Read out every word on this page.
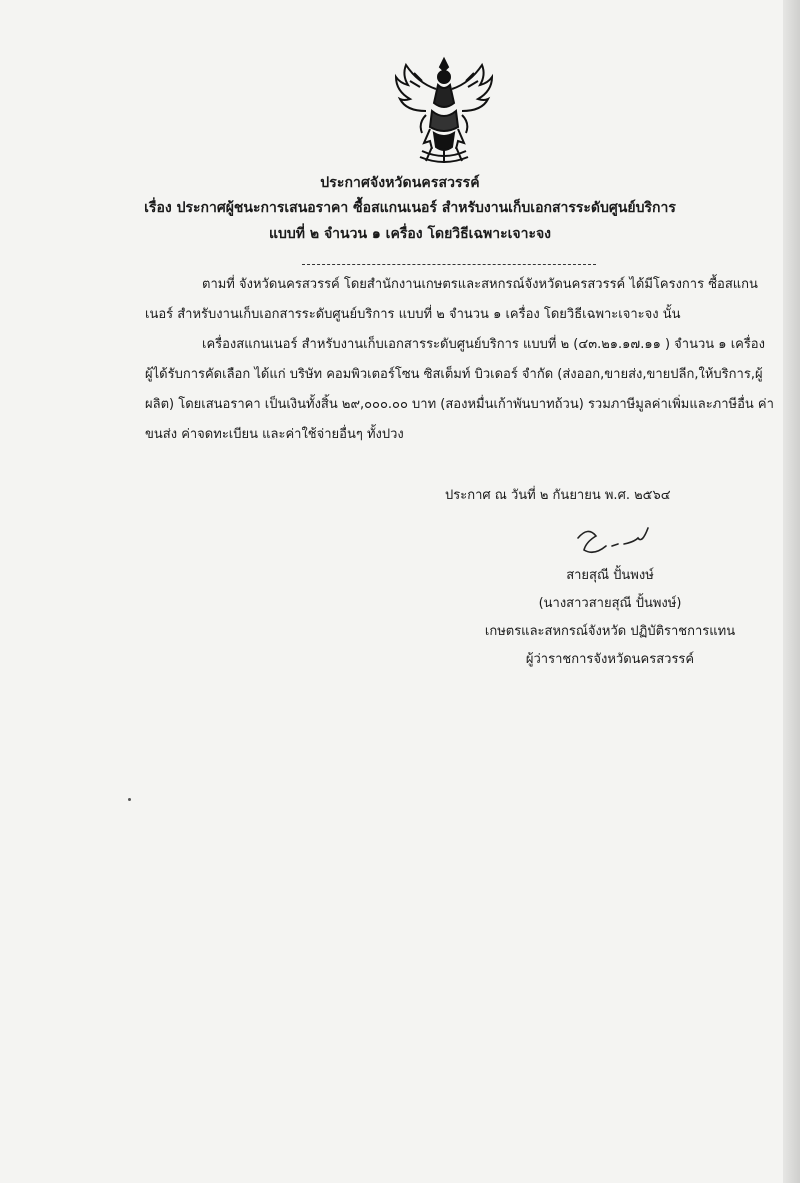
ประกาศจังหวัดนครสวรรค์
เรื่อง ประกาศผู้ชนะการเสนอราคา ซื้อสแกนเนอร์ สำหรับงานเก็บเอกสารระดับศูนย์บริการ แบบที่ ๒ จำนวน ๑ เครื่อง โดยวิธีเฉพาะเจาะจง
ตามที่ จังหวัดนครสวรรค์ โดยสำนักงานเกษตรและสหกรณ์จังหวัดนครสวรรค์ ได้มีโครงการ ซื้อสแกนเนอร์ สำหรับงานเก็บเอกสารระดับศูนย์บริการ แบบที่ ๒ จำนวน ๑ เครื่อง โดยวิธีเฉพาะเจาะจง นั้น
เครื่องสแกนเนอร์ สำหรับงานเก็บเอกสารระดับศูนย์บริการ แบบที่ ๒ (๔๓.๒๑.๑๗.๑๑ ) จำนวน ๑ เครื่อง ผู้ได้รับการคัดเลือก ได้แก่ บริษัท คอมพิวเตอร์โซน ซิสเต็มท์ บิวเดอร์ จำกัด (ส่งออก,ขายส่ง,ขายปลีก,ให้บริการ,ผู้ผลิต) โดยเสนอราคา เป็นเงินทั้งสิ้น ๒๙,๐๐๐.๐๐ บาท (สองหมื่นเก้าพันบาทถ้วน) รวมภาษีมูลค่าเพิ่มและภาษีอื่น ค่าขนส่ง ค่าจดทะเบียน และค่าใช้จ่ายอื่นๆ ทั้งปวง
ประกาศ ณ วันที่ ๒ กันยายน พ.ศ. ๒๕๖๔
สายสุณี ปั้นพงษ์
(นางสาวสายสุณี ปั้นพงษ์)
เกษตรและสหกรณ์จังหวัด ปฏิบัติราชการแทน
ผู้ว่าราชการจังหวัดนครสวรรค์
